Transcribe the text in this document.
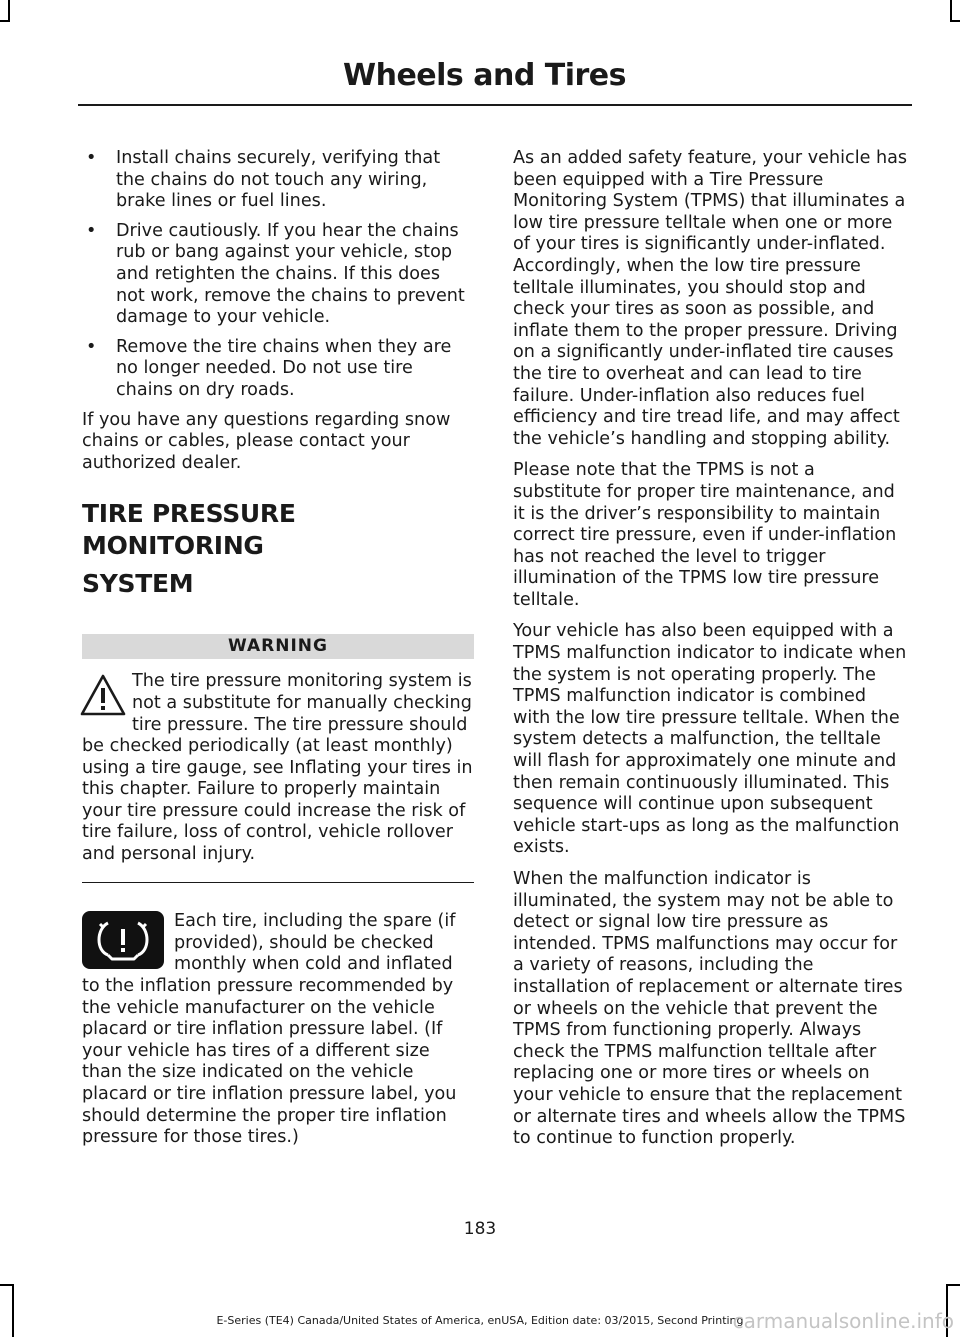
Wheels and Tires
• Install chains securely, verifying that the chains do not touch any wiring, brake lines or fuel lines.
• Drive cautiously. If you hear the chains rub or bang against your vehicle, stop and retighten the chains. If this does not work, remove the chains to prevent damage to your vehicle.
• Remove the tire chains when they are no longer needed. Do not use tire chains on dry roads.

If you have any questions regarding snow chains or cables, please contact your authorized dealer.

TIRE PRESSURE MONITORING
SYSTEM
WARNING
The tire pressure monitoring system is not a substitute for manually checking tire pressure. The tire pressure should be checked periodically (at least monthly) using a tire gauge, see Inflating your tires in this chapter. Failure to properly maintain your tire pressure could increase the risk of tire failure, loss of control, vehicle rollover and personal injury.
Each tire, including the spare (if provided), should be checked monthly when cold and inflated to the inflation pressure recommended by the vehicle manufacturer on the vehicle placard or tire inflation pressure label. (If your vehicle has tires of a different size than the size indicated on the vehicle placard or tire inflation pressure label, you should determine the proper tire inflation pressure for those tires.)

As an added safety feature, your vehicle has been equipped with a Tire Pressure Monitoring System (TPMS) that illuminates a low tire pressure telltale when one or more of your tires is significantly under-inflated. Accordingly, when the low tire pressure telltale illuminates, you should stop and check your tires as soon as possible, and inflate them to the proper pressure. Driving on a significantly under-inflated tire causes the tire to overheat and can lead to tire failure. Under-inflation also reduces fuel efficiency and tire tread life, and may affect the vehicle’s handling and stopping ability.

Please note that the TPMS is not a substitute for proper tire maintenance, and it is the driver’s responsibility to maintain correct tire pressure, even if under-inflation has not reached the level to trigger illumination of the TPMS low tire pressure telltale.

Your vehicle has also been equipped with a TPMS malfunction indicator to indicate when the system is not operating properly. The TPMS malfunction indicator is combined with the low tire pressure telltale. When the system detects a malfunction, the telltale will flash for approximately one minute and then remain continuously illuminated. This sequence will continue upon subsequent vehicle start-ups as long as the malfunction exists.

When the malfunction indicator is illuminated, the system may not be able to detect or signal low tire pressure as intended. TPMS malfunctions may occur for a variety of reasons, including the installation of replacement or alternate tires or wheels on the vehicle that prevent the TPMS from functioning properly. Always check the TPMS malfunction telltale after replacing one or more tires or wheels on your vehicle to ensure that the replacement or alternate tires and wheels allow the TPMS to continue to function properly.

183
E-Series (TE4) Canada/United States of America, enUSA, Edition date: 03/2015, Second Printing
carmanualsonline.info
